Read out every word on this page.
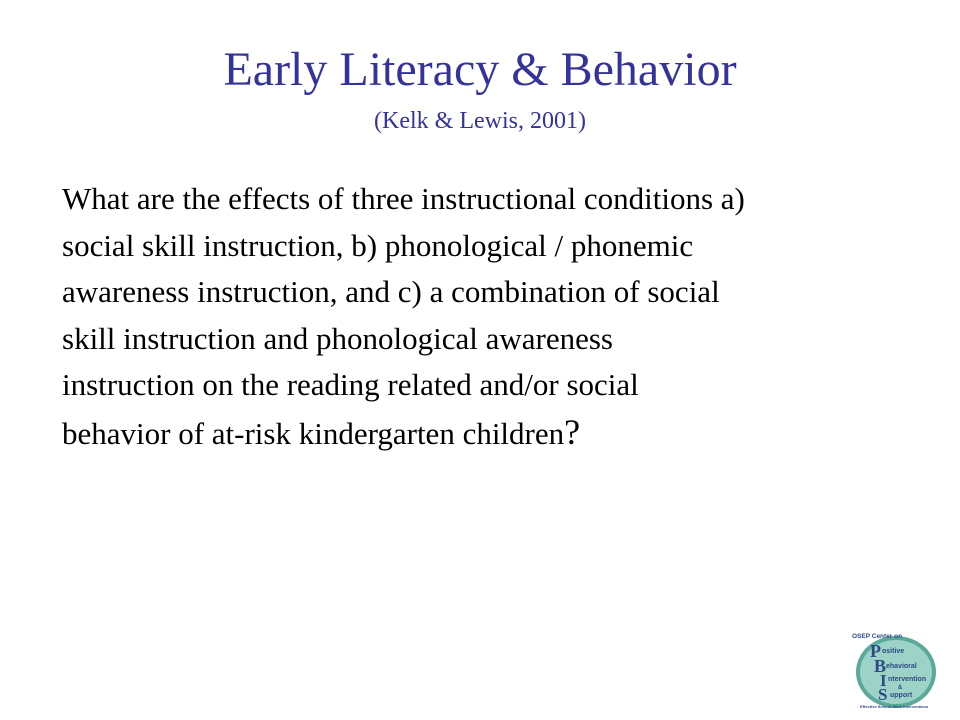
Early Literacy & Behavior
(Kelk & Lewis, 2001)
What are the effects of three instructional conditions a)
social skill instruction, b) phonological / phonemic
awareness instruction, and c) a combination of social
skill instruction and phonological awareness
instruction on the reading related and/or social
behavior of at-risk kindergarten children?
OSEP Center on
P ositive
B ehavioral
I ntervention
&
S upport
Effective School-Wide Interventions
